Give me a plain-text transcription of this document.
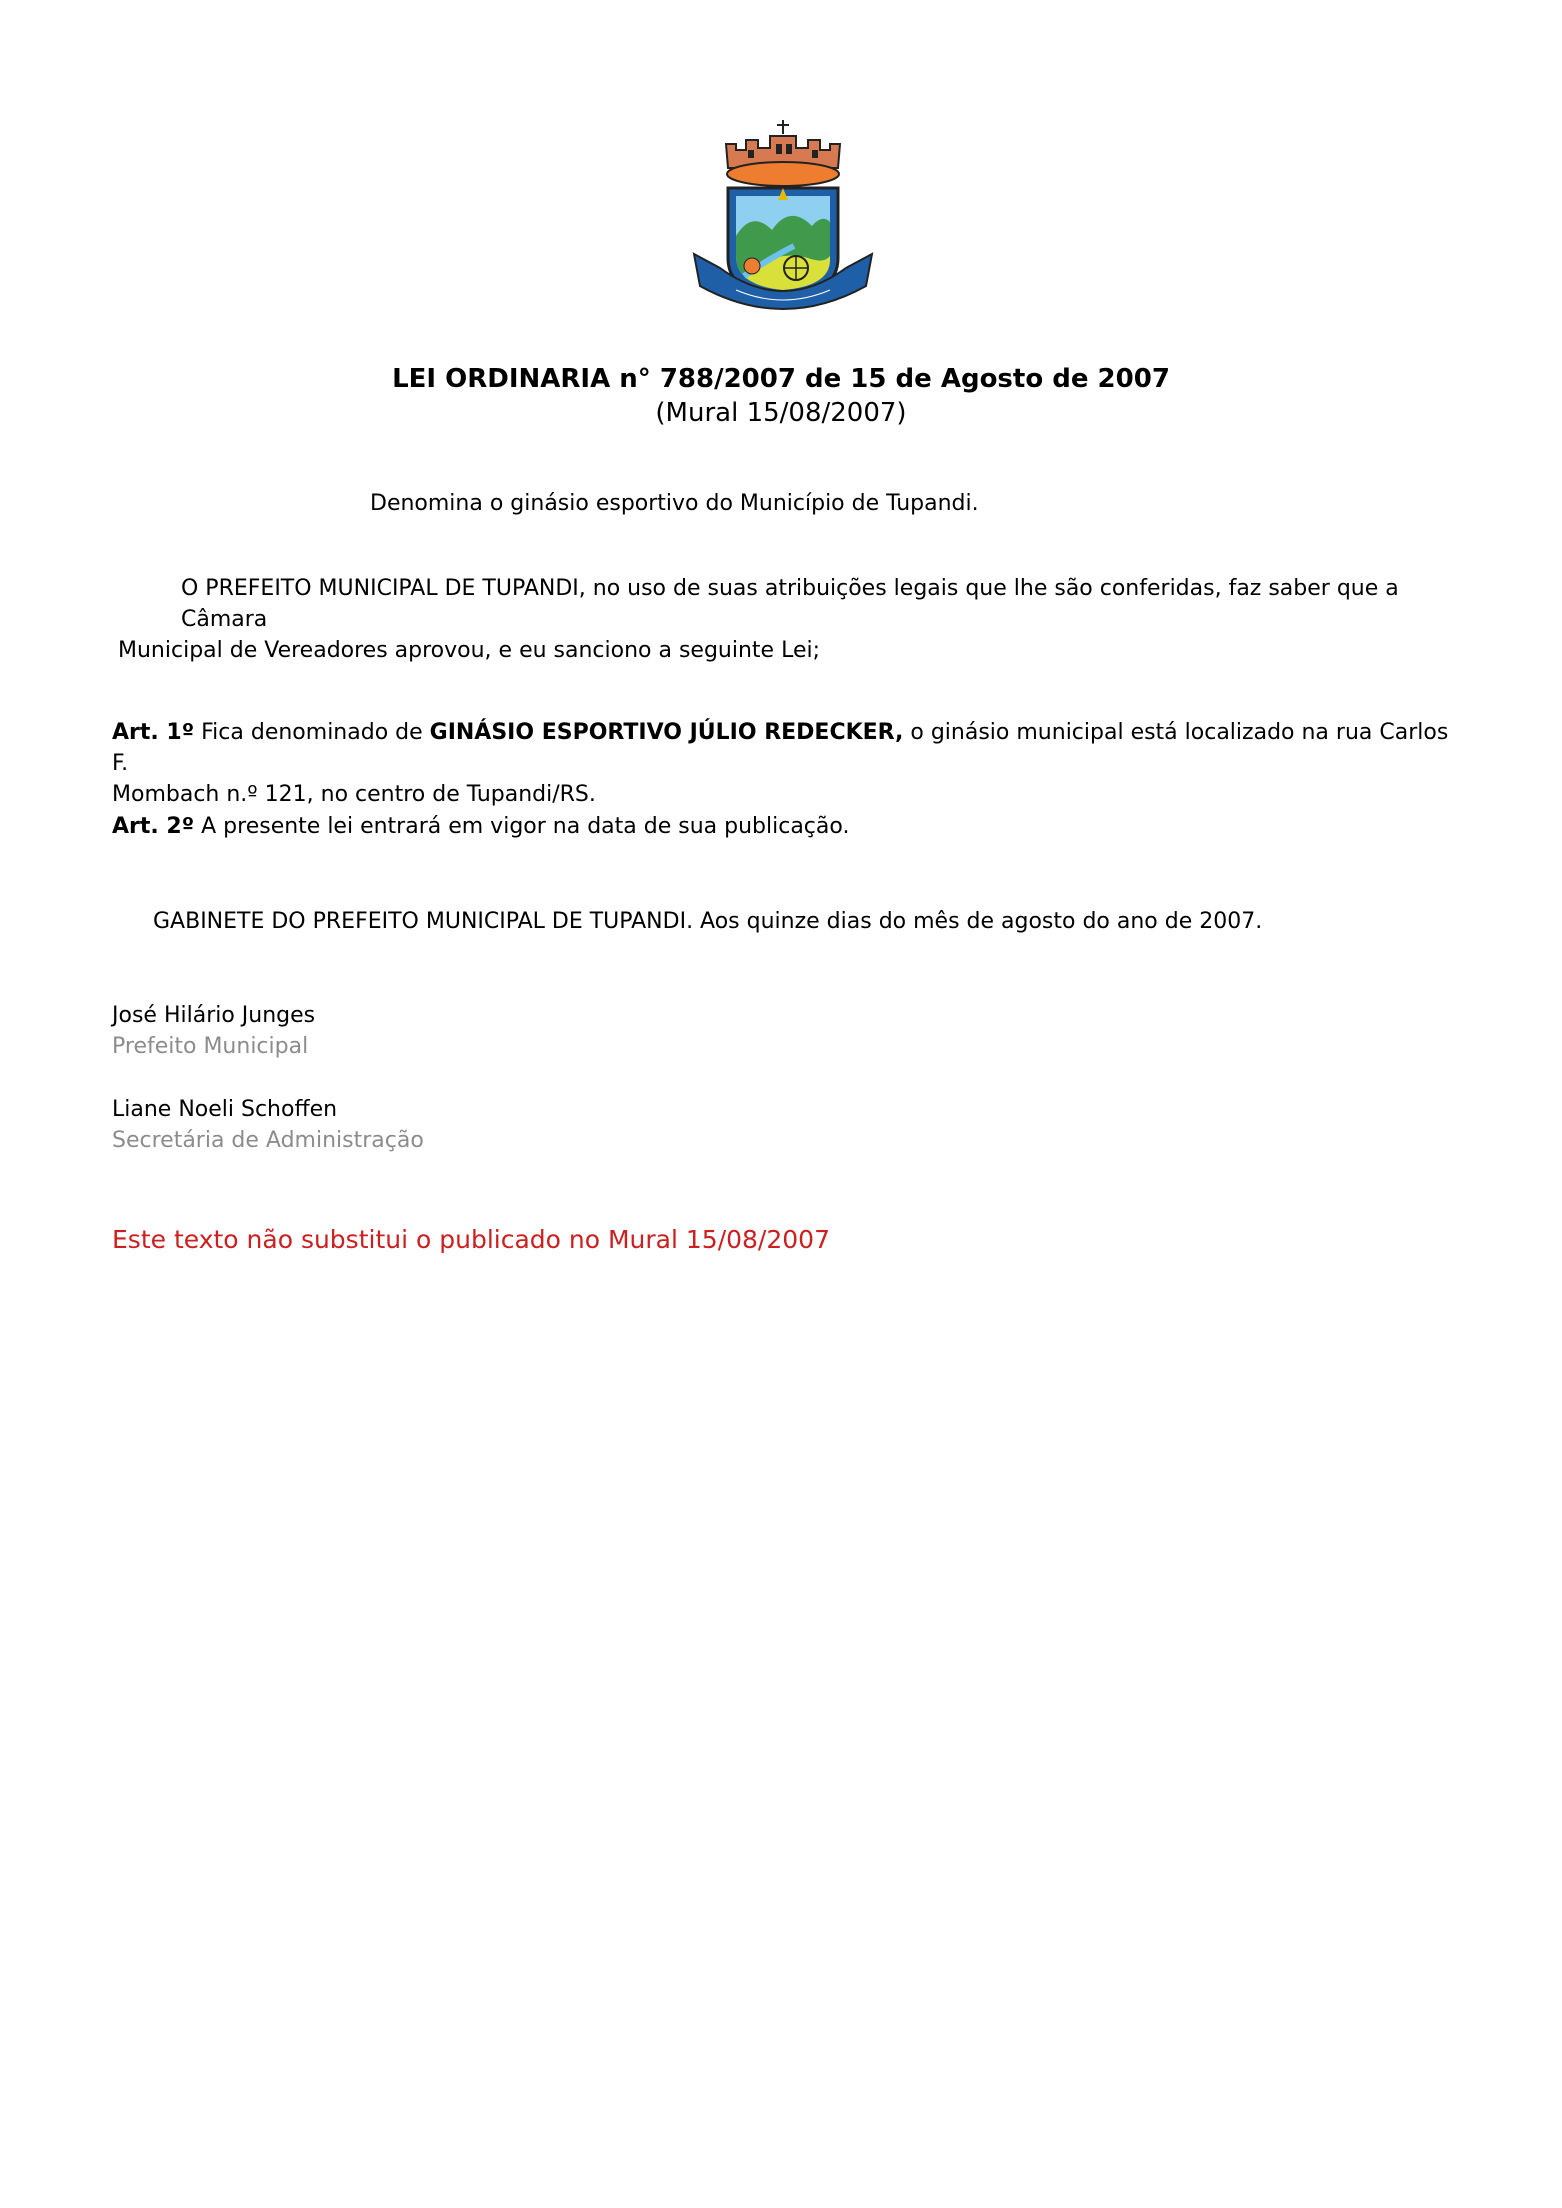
LEI ORDINARIA n° 788/2007 de 15 de Agosto de 2007
(Mural 15/08/2007)
Denomina o ginásio esportivo do Município de Tupandi.
O PREFEITO MUNICIPAL DE TUPANDI, no uso de suas atribuições legais que lhe são conferidas, faz saber que a Câmara
Municipal de Vereadores aprovou, e eu sanciono a seguinte Lei;
Art. 1º Fica denominado de GINÁSIO ESPORTIVO JÚLIO REDECKER, o ginásio municipal está localizado na rua Carlos F.
Mombach n.º 121, no centro de Tupandi/RS.
Art. 2º A presente lei entrará em vigor na data de sua publicação.
GABINETE DO PREFEITO MUNICIPAL DE TUPANDI. Aos quinze dias do mês de agosto do ano de 2007.
José Hilário Junges
Prefeito Municipal
Liane Noeli Schoffen
Secretária de Administração
Este texto não substitui o publicado no Mural 15/08/2007
